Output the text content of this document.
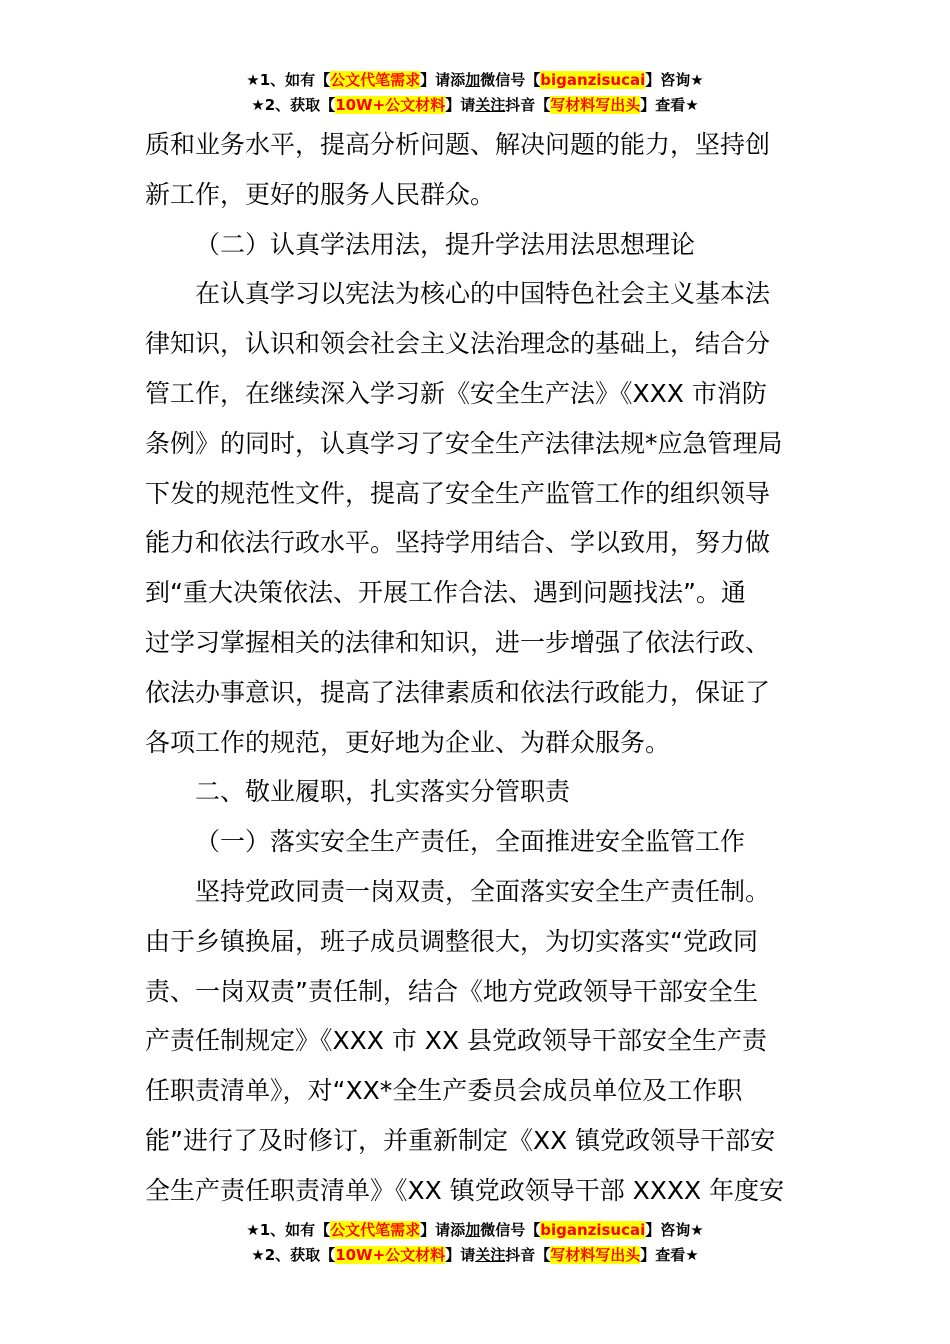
★1、如有【公文代笔需求】请添加微信号【biganzisucai】咨询★
★2、获取【10W+公文材料】请关注抖音【写材料写出头】查看★
质和业务水平，提高分析问题、解决问题的能力，坚持创
新工作，更好的服务人民群众。
（二）认真学法用法，提升学法用法思想理论
在认真学习以宪法为核心的中国特色社会主义基本法
律知识，认识和领会社会主义法治理念的基础上，结合分
管工作，在继续深入学习新《安全生产法》《XXX 市消防
条例》的同时，认真学习了安全生产法律法规*应急管理局
下发的规范性文件，提高了安全生产监管工作的组织领导
能力和依法行政水平。坚持学用结合、学以致用，努力做
到“重大决策依法、开展工作合法、遇到问题找法”。通
过学习掌握相关的法律和知识，进一步增强了依法行政、
依法办事意识，提高了法律素质和依法行政能力，保证了
各项工作的规范，更好地为企业、为群众服务。
二、敬业履职，扎实落实分管职责
（一）落实安全生产责任，全面推进安全监管工作
坚持党政同责一岗双责，全面落实安全生产责任制。
由于乡镇换届，班子成员调整很大，为切实落实“党政同
责、一岗双责”责任制，结合《地方党政领导干部安全生
产责任制规定》《XXX 市 XX 县党政领导干部安全生产责
任职责清单》，对“XX*全生产委员会成员单位及工作职
能”进行了及时修订，并重新制定《XX 镇党政领导干部安
全生产责任职责清单》《XX 镇党政领导干部 XXXX 年度安
★1、如有【公文代笔需求】请添加微信号【biganzisucai】咨询★
★2、获取【10W+公文材料】请关注抖音【写材料写出头】查看★
